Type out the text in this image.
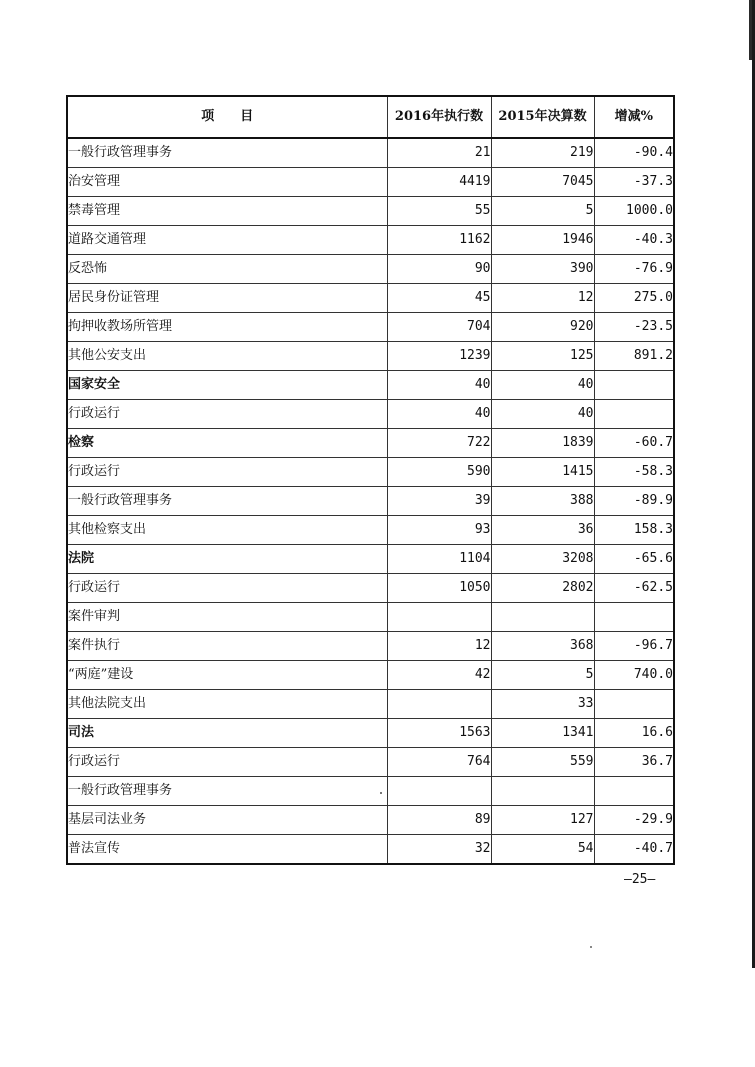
项　　目	2016年执行数	2015年决算数	增减%
一般行政管理事务	21	219	-90.4
治安管理	4419	7045	-37.3
禁毒管理	55	5	1000.0
道路交通管理	1162	1946	-40.3
反恐怖	90	390	-76.9
居民身份证管理	45	12	275.0
拘押收教场所管理	704	920	-23.5
其他公安支出	1239	125	891.2
国家安全	40	40	
行政运行	40	40	
检察	722	1839	-60.7
行政运行	590	1415	-58.3
一般行政管理事务	39	388	-89.9
其他检察支出	93	36	158.3
法院	1104	3208	-65.6
行政运行	1050	2802	-62.5
案件审判			
案件执行	12	368	-96.7
“两庭”建设	42	5	740.0
其他法院支出		33	
司法	1563	1341	16.6
行政运行	764	559	36.7
一般行政管理事务			
基层司法业务	89	127	-29.9
普法宣传	32	54	-40.7
—25—
